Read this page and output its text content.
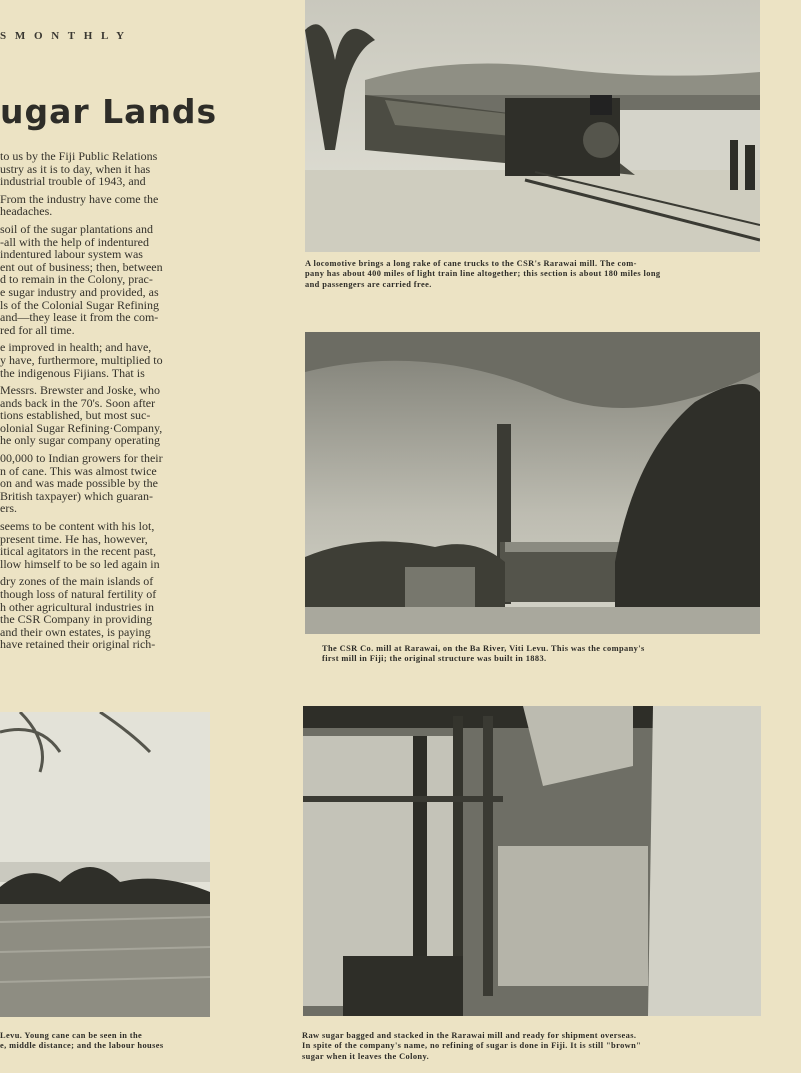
S M O N T H L Y
ugar Lands

to us by the Fiji Public Relations
ustry as it is to day, when it has
industrial trouble of 1943, and

From the industry have come the
headaches.

soil of the sugar plantations and
-all with the help of indentured
indentured labour system was
ent out of business; then, between
d to remain in the Colony, prac-
e sugar industry and provided, as
ls of the Colonial Sugar Refining
and—they lease it from the com-
red for all time.

e improved in health; and have,
y have, furthermore, multiplied to
the indigenous Fijians. That is

Messrs. Brewster and Joske, who
ands back in the 70's. Soon after
tions established, but most suc-
olonial Sugar Refining·Company,
he only sugar company operating

00,000 to Indian growers for their
n of cane. This was almost twice
on and was made possible by the
British taxpayer) which guaran-
ers.

seems to be content with his lot,
present time. He has, however,
itical agitators in the recent past,
llow himself to be so led again in

dry zones of the main islands of
though loss of natural fertility of
h other agricultural industries in
the CSR Company in providing
and their own estates, is paying
have retained their original rich-

A locomotive brings a long rake of cane trucks to the CSR's Rarawai mill. The com-
pany has about 400 miles of light train line altogether; this section is about 180 miles long
and passengers are carried free.
The CSR Co. mill at Rarawai, on the Ba River, Viti Levu. This was the company's
first mill in Fiji; the original structure was built in 1883.
Raw sugar bagged and stacked in the Rarawai mill and ready for shipment overseas.
In spite of the company's name, no refining of sugar is done in Fiji. It is still "brown"
sugar when it leaves the Colony.
Levu. Young cane can be seen in the
e, middle distance; and the labour houses
